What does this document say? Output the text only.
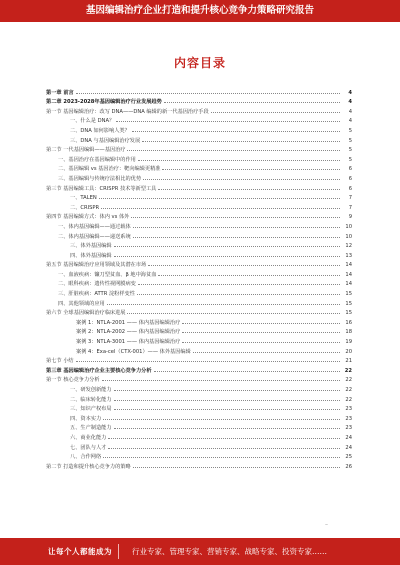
基因编辑治疗企业打造和提升核心竞争力策略研究报告
内容目录
第一章 前言	4
第二章 2023-2028年基因编辑治疗行业发展趋势	4
第一节 基因编辑治疗：改写 DNA——DNA 编辑的新一代基因治疗手段	4
一、什么是 DNA？	4
二、DNA 如何影响人类？	5
三、DNA 与基因编辑治疗发展	5
第二节 一代基因编辑——基因治疗	5
一、基因治疗在基因编辑中的作用	5
二、基因编辑 vs 基因治疗：靶向编辑更精准	6
三、基因编辑与传统疗法相比的优势	6
第三节 基因编辑工具：CRISPR 技术等新型工具	6
一、TALEN	7
二、CRISPR	7
第四节 基因编辑方式：体内 vs 体外	9
一、体内基因编辑——通过载体	10
二、体内基因编辑——递送系统	10
三、体外基因编辑	12
四、体外基因编辑	13
第五节 基因编辑治疗应用领域及其潜在市场	14
一、血液疾病：镰刀型贫血、β 地中海贫血	14
二、眼科疾病：遗传性视网膜病变	14
三、肝脏疾病：ATTR 淀粉样变性	15
四、其他领域的应用	15
第六节 全球基因编辑治疗临床进展	15
案例 1：NTLA-2001 —— 体内基因编辑治疗	16
案例 2：NTLA-2002 —— 体内基因编辑治疗	18
案例 3：NTLA-3001 —— 体内基因编辑治疗	19
案例 4：Exa-cel（CTX-001）—— 体外基因编辑	20
第七节 小结	21
第三章 基因编辑治疗企业主要核心竞争力分析	22
第一节 核心竞争力分析	22
一、研发创新能力	22
二、临床转化能力	22
三、知识产权布局	23
四、资本实力	23
五、生产制造能力	23
六、商业化能力	24
七、团队与人才	24
八、合作网络	25
第二节 打造和提升核心竞争力的策略	26
–
让每个人都能成为	行业专家、管理专家、营销专家、战略专家、投资专家……
